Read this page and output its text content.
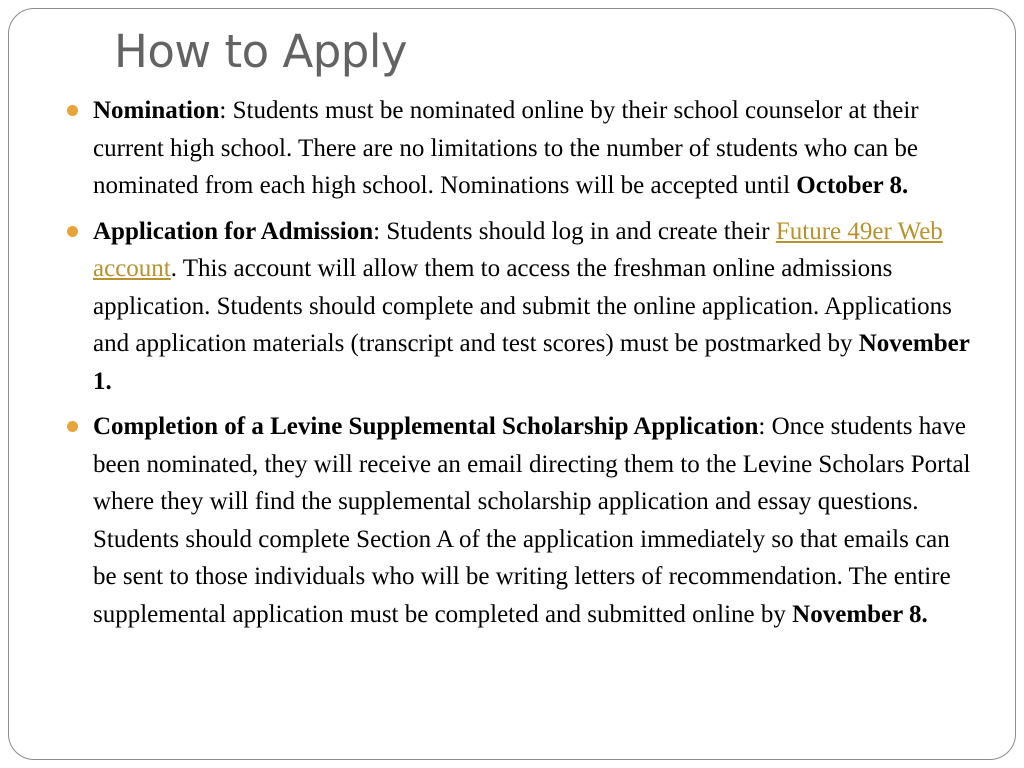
How to Apply
Nomination: Students must be nominated online by their school counselor at their current high school. There are no limitations to the number of students who can be nominated from each high school. Nominations will be accepted until October 8.
Application for Admission: Students should log in and create their Future 49er Web account. This account will allow them to access the freshman online admissions application. Students should complete and submit the online application. Applications and application materials (transcript and test scores) must be postmarked by November 1.
Completion of a Levine Supplemental Scholarship Application: Once students have been nominated, they will receive an email directing them to the Levine Scholars Portal where they will find the supplemental scholarship application and essay questions. Students should complete Section A of the application immediately so that emails can be sent to those individuals who will be writing letters of recommendation. The entire supplemental application must be completed and submitted online by November 8.
